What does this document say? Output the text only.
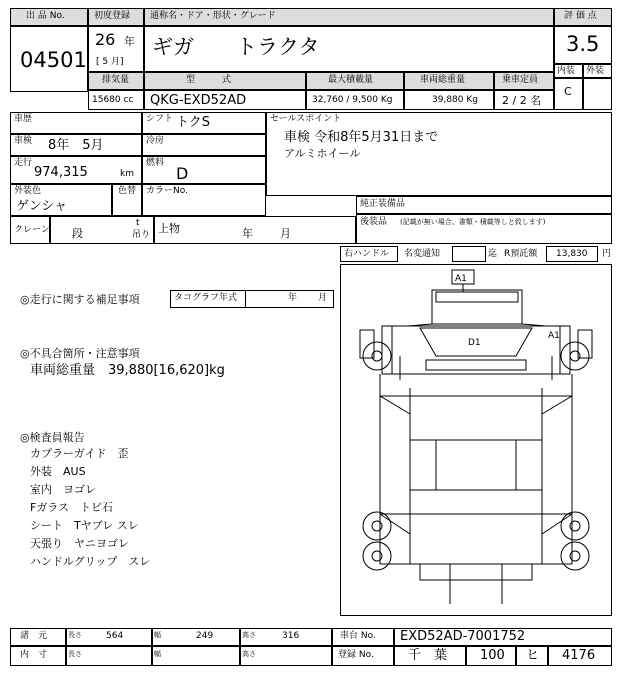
出 品 No.
04501
初度登録
26 年
[ 5 月]
通称名・ドア・形状・グレード
ギガ　　トラクタ
評 価 点
3.5
内装 外装
C
排気量	型　　　式	最大積載量	車両総重量	乗車定員
15680 cc QKG-EXD52AD	32,760 / 9,500 Kg	39,880 Kg 2 / 2 名
車歴	シフト トクS
車検 8年　5月	冷房
走行
974,315	km
燃料
D
外装色
ゲンシャ
色替 カラーNo.
セールスポイント
車検 令和8年5月31日まで
アルミホイール
純正装備品
後装品 (記載が無い場合、書類・積載等しと致します)
クレーン 段
t
吊り 上物	年 月
右ハンドル 名変通知	迄 R預託額 13,830 円
◎走行に関する補足事項	タコグラフ年式	年 月
◎不具合箇所・注意事項
車両総重量　39,880[16,620]kg
◎検査員報告
カプラーガイド　歪
外装　AUS
室内　ヨゴレ
Fガラス　トビ石
シート　Tヤブレ スレ
天張り　ヤニヨゴレ
ハンドルグリップ　スレ
A1
D1
A1
諸　元	長さ	564	幅	249	高さ	316	車台 No. EXD52AD-7001752
内　寸	長さ	幅	高さ	登録 No.	千　葉	100 ヒ 4176
